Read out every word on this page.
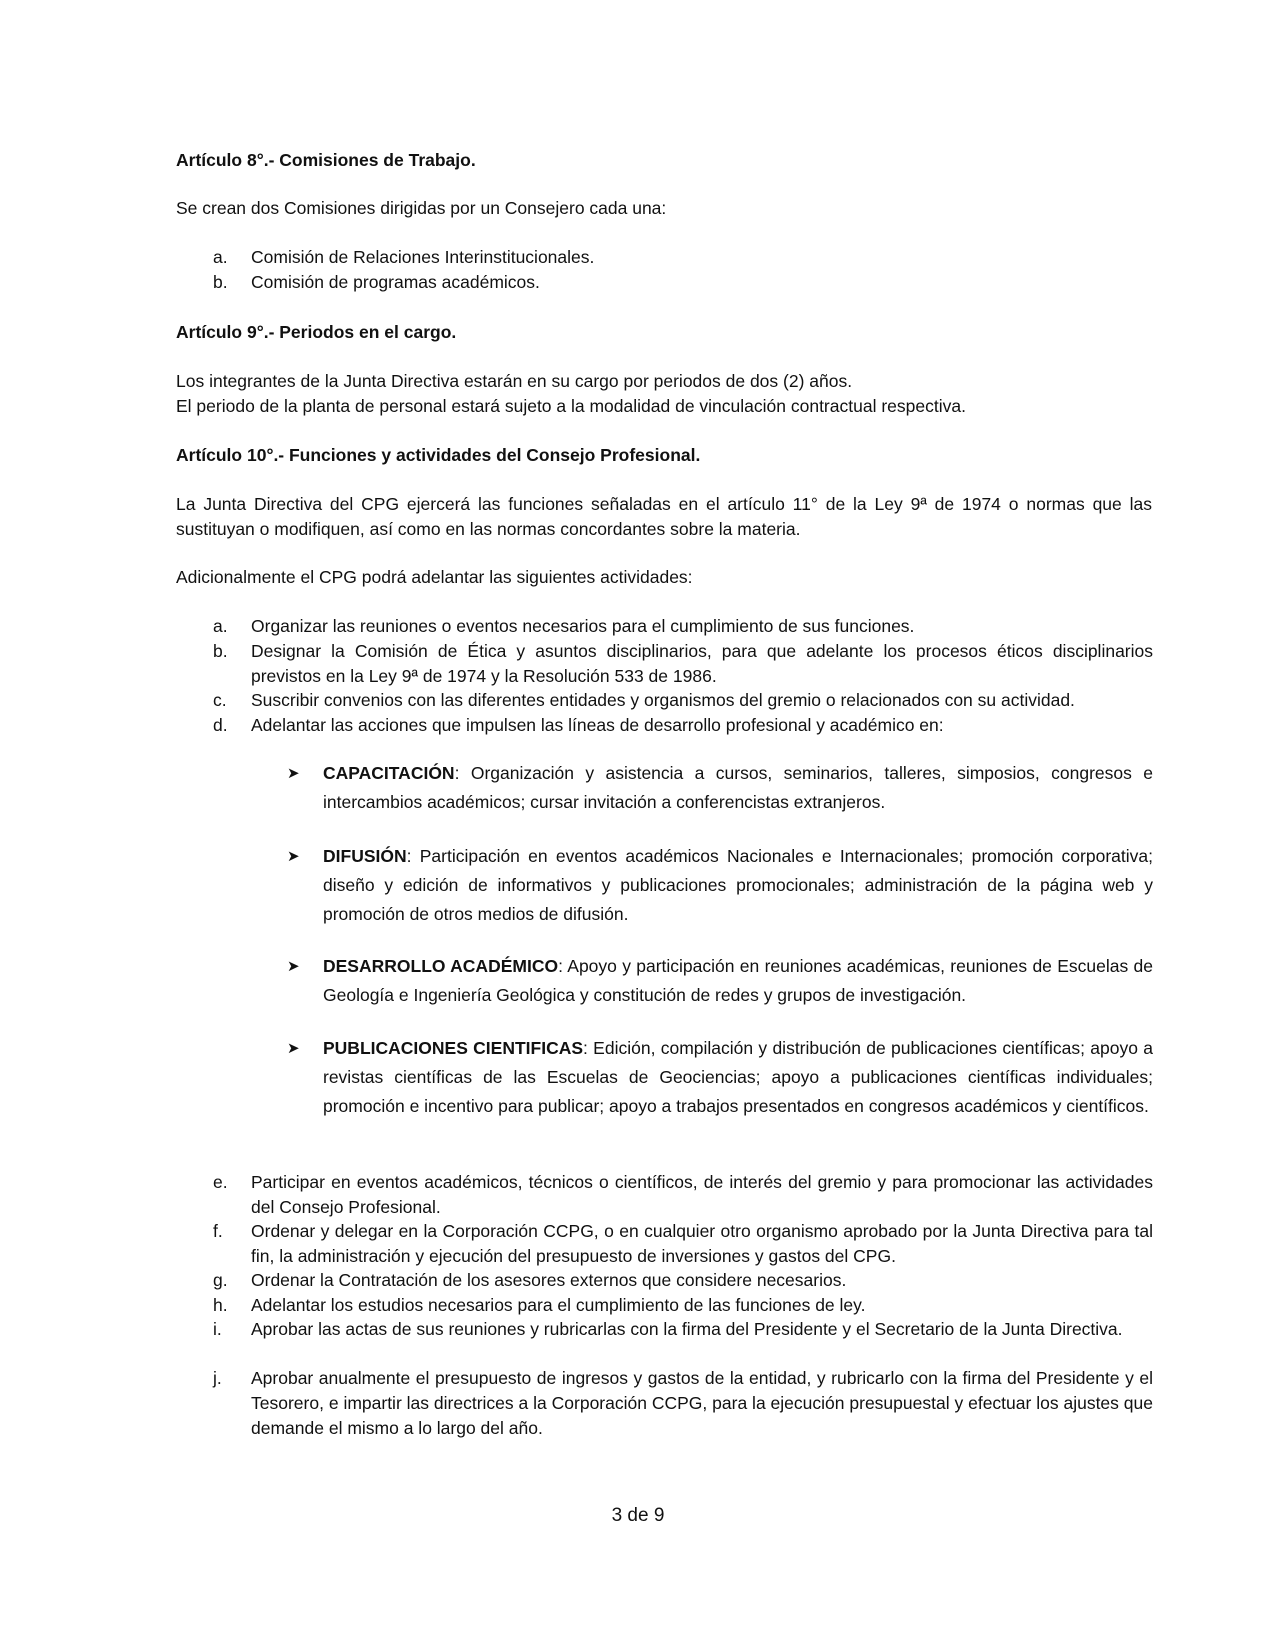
Artículo 8°.- Comisiones de Trabajo.

Se crean dos Comisiones dirigidas por un Consejero cada una:

a. Comisión de Relaciones Interinstitucionales.
b. Comisión de programas académicos.

Artículo 9°.- Periodos en el cargo.

Los integrantes de la Junta Directiva estarán en su cargo por periodos de dos (2) años.

El periodo de la planta de personal estará sujeto a la modalidad de vinculación contractual respectiva.

Artículo 10°.- Funciones y actividades del Consejo Profesional.

La Junta Directiva del CPG ejercerá las funciones señaladas en el artículo 11° de la Ley 9ª de 1974 o normas que las sustituyan o modifiquen, así como en las normas concordantes sobre la materia.

Adicionalmente el CPG podrá adelantar las siguientes actividades:

a. Organizar las reuniones o eventos necesarios para el cumplimiento de sus funciones.
b. Designar la Comisión de Ética y asuntos disciplinarios, para que adelante los procesos éticos disciplinarios previstos en la Ley 9ª de 1974 y la Resolución 533 de 1986.
c. Suscribir convenios con las diferentes entidades y organismos del gremio o relacionados con su actividad.
d. Adelantar las acciones que impulsen las líneas de desarrollo profesional y académico en:
➤ CAPACITACIÓN: Organización y asistencia a cursos, seminarios, talleres, simposios, congresos e intercambios académicos; cursar invitación a conferencistas extranjeros.
➤ DIFUSIÓN: Participación en eventos académicos Nacionales e Internacionales; promoción corporativa; diseño y edición de informativos y publicaciones promocionales; administración de la página web y promoción de otros medios de difusión.
➤ DESARROLLO ACADÉMICO: Apoyo y participación en reuniones académicas, reuniones de Escuelas de Geología e Ingeniería Geológica y constitución de redes y grupos de investigación.
➤ PUBLICACIONES CIENTIFICAS: Edición, compilación y distribución de publicaciones científicas; apoyo a revistas científicas de las Escuelas de Geociencias; apoyo a publicaciones científicas individuales; promoción e incentivo para publicar; apoyo a trabajos presentados en congresos académicos y científicos.
e. Participar en eventos académicos, técnicos o científicos, de interés del gremio y para promocionar las actividades del Consejo Profesional.
f. Ordenar y delegar en la Corporación CCPG, o en cualquier otro organismo aprobado por la Junta Directiva para tal fin, la administración y ejecución del presupuesto de inversiones y gastos del CPG.
g. Ordenar la Contratación de los asesores externos que considere necesarios.
h. Adelantar los estudios necesarios para el cumplimiento de las funciones de ley.
i. Aprobar las actas de sus reuniones y rubricarlas con la firma del Presidente y el Secretario de la Junta Directiva.
j. Aprobar anualmente el presupuesto de ingresos y gastos de la entidad, y rubricarlo con la firma del Presidente y el Tesorero, e impartir las directrices a la Corporación CCPG, para la ejecución presupuestal y efectuar los ajustes que demande el mismo a lo largo del año.
3 de 9
